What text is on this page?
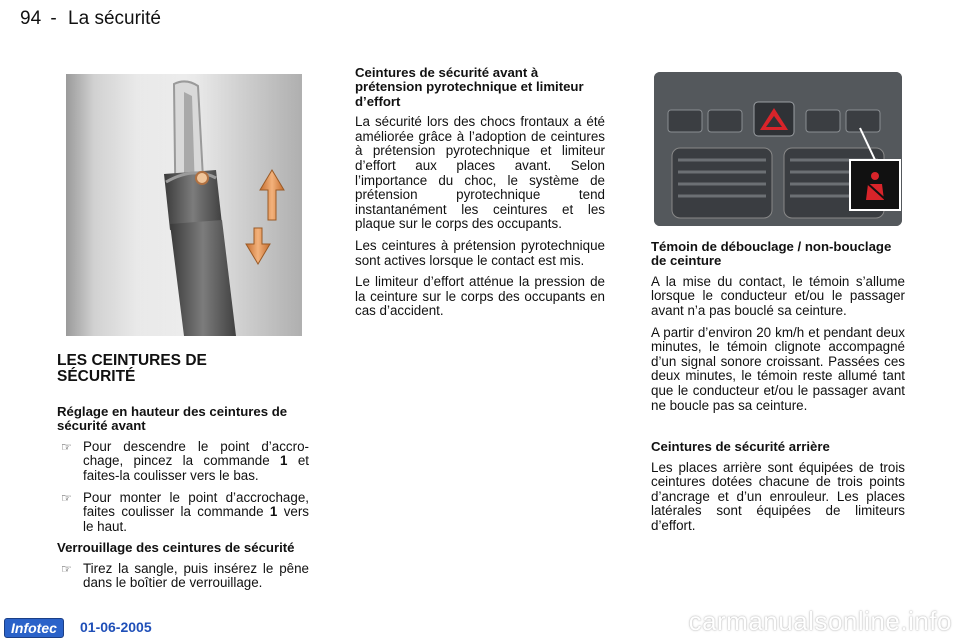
94 - La sécurité
LES CEINTURES DE
SÉCURITÉ
Réglage en hauteur des ceintures de sécurité avant
☞ Pour descendre le point d’accro-chage, pincez la commande 1 et faites-la coulisser vers le bas.
☞ Pour monter le point d’accrochage, faites coulisser la commande 1 vers le haut.
Verrouillage des ceintures de sécurité
☞ Tirez la sangle, puis insérez le pêne dans le boîtier de verrouillage.
Ceintures de sécurité avant à prétension pyrotechnique et limiteur d’effort

La sécurité lors des chocs frontaux a été améliorée grâce à l’adoption de ceintures à prétension pyrotechnique et limiteur d’effort aux places avant. Selon l’importance du choc, le système de prétension pyrotechnique tend instantanément les ceintures et les plaque sur le corps des occupants.

Les ceintures à prétension pyrotechnique sont actives lorsque le contact est mis.

Le limiteur d’effort atténue la pression de la ceinture sur le corps des occupants en cas d’accident.

Témoin de débouclage / non-bouclage de ceinture

A la mise du contact, le témoin s’allume lorsque le conducteur et/ou le passager avant n’a pas bouclé sa ceinture.

A partir d’environ 20 km/h et pendant deux minutes, le témoin clignote accompagné d’un signal sonore croissant. Passées ces deux minutes, le témoin reste allumé tant que le conducteur et/ou le passager avant ne boucle pas sa ceinture.

Ceintures de sécurité arrière

Les places arrière sont équipées de trois ceintures dotées chacune de trois points d’ancrage et d’un enrouleur. Les places latérales sont équipées de limiteurs d’effort.

Infotec	01-06-2005	carmanualsonline.info
